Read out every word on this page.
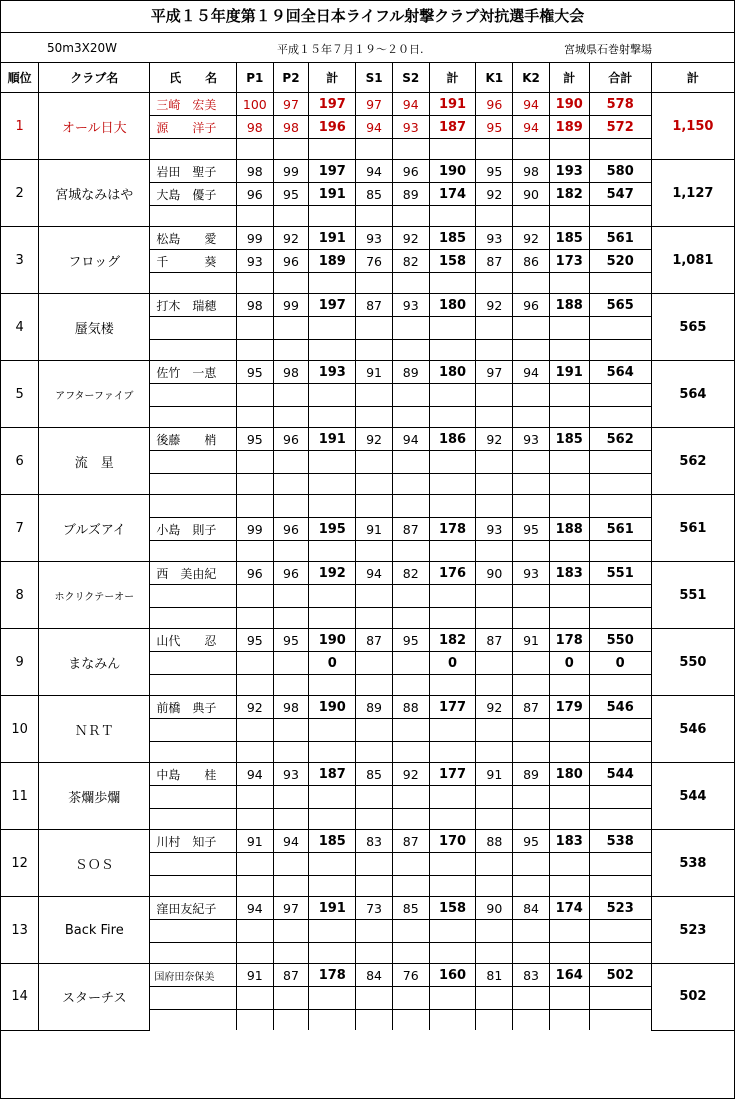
平成１５年度第１９回全日本ライフル射撃クラブ対抗選手権大会
50m3X20W	平成１５年７月１９～２０日.	宮城県石巻射撃場
順位	クラブ名	氏　　名	P1	P2	計	S1	S2	計	K1	K2	計	合計	計
1	オール日大	三崎　宏美	100	97	197	97	94	191	96	94	190	578	1,150
		源　　洋子	98	98	196	94	93	187	95	94	189	572	

2	宮城なみはや	岩田　聖子	98	99	197	94	96	190	95	98	193	580	1,127
		大島　優子	96	95	191	85	89	174	92	90	182	547	

3	フロッグ	松島　　愛	99	92	191	93	92	185	93	92	185	561	1,081
		千　　　葵	93	96	189	76	82	158	87	86	173	520	

4	蜃気楼	打木　瑞穂	98	99	197	87	93	180	92	96	188	565	565

5	アフターファイブ	佐竹　一恵	95	98	193	91	89	180	97	94	191	564	564

6	流　星	後藤　　梢	95	96	191	92	94	186	92	93	185	562	562

7	ブルズアイ												561
		小島　則子	99	96	195	91	87	178	93	95	188	561	

8	ホクリクテーオー	西　美由紀	96	96	192	94	82	176	90	93	183	551	551

9	まなみん	山代　　忍	95	95	190	87	95	182	87	91	178	550	550
					0			0			0	0	

10	ＮＲＴ	前橋　典子	92	98	190	89	88	177	92	87	179	546	546

11	茶爛歩爛	中島　　桂	94	93	187	85	92	177	91	89	180	544	544

12	ＳＯＳ	川村　知子	91	94	185	83	87	170	88	95	183	538	538

13	Back Fire	窪田友紀子	94	97	191	73	85	158	90	84	174	523	523

14	スターチス	国府田奈保美	91	87	178	84	76	160	81	83	164	502	502
